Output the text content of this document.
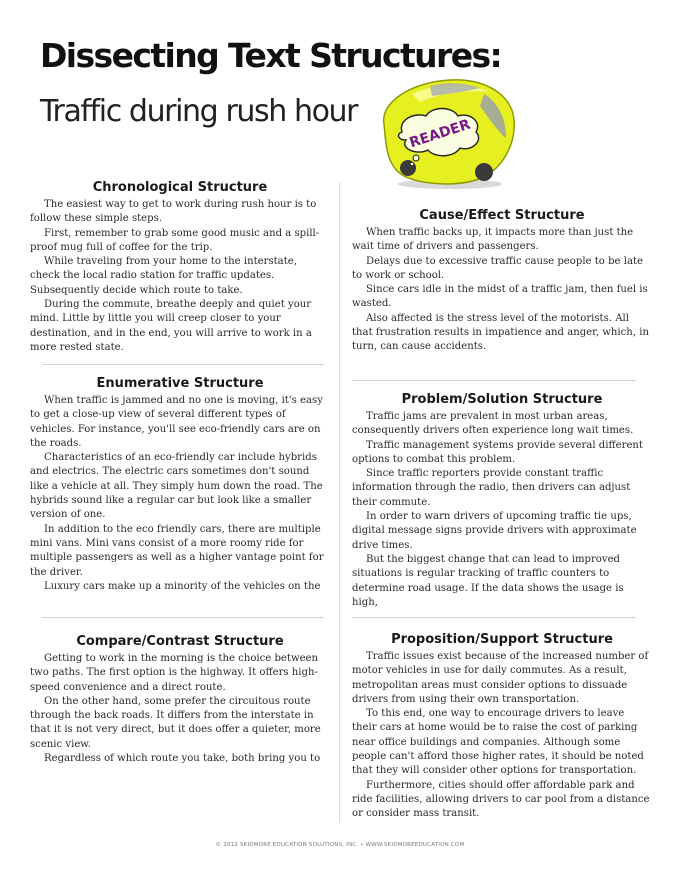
Dissecting Text Structures:
Traffic during rush hour
READER
Chronological Structure

The easiest way to get to work during rush hour is to follow these simple steps.

First, remember to grab some good music and a spill-proof mug full of coffee for the trip.

While traveling from your home to the interstate, check the local radio station for traffic updates. Subsequently decide which route to take.

During the commute, breathe deeply and quiet your mind. Little by little you will creep closer to your destination, and in the end, you will arrive to work in a more rested state.

Cause/Effect Structure

When traffic backs up, it impacts more than just the wait time of drivers and passengers.

Delays due to excessive traffic cause people to be late to work or school.

Since cars idle in the midst of a traffic jam, then fuel is wasted.

Also affected is the stress level of the motorists. All that frustration results in impatience and anger, which, in turn, can cause accidents.

Enumerative Structure

When traffic is jammed and no one is moving, it's easy to get a close-up view of several different types of vehicles. For instance, you'll see eco-friendly cars are on the roads.

Characteristics of an eco-friendly car include hybrids and electrics. The electric cars sometimes don't sound like a vehicle at all. They simply hum down the road. The hybrids sound like a regular car but look like a smaller version of one.

In addition to the eco friendly cars, there are multiple mini vans. Mini vans consist of a more roomy ride for multiple passengers as well as a higher vantage point for the driver.

Luxury cars make up a minority of the vehicles on the

Problem/Solution Structure

Traffic jams are prevalent in most urban areas, consequently drivers often experience long wait times.

Traffic management systems provide several different options to combat this problem.

Since traffic reporters provide constant traffic information through the radio, then drivers can adjust their commute.

In order to warn drivers of upcoming traffic tie ups, digital message signs provide drivers with approximate drive times.

But the biggest change that can lead to improved situations is regular tracking of traffic counters to determine road usage. If the data shows the usage is high,

Compare/Contrast Structure

Getting to work in the morning is the choice between two paths. The first option is the highway. It offers high-speed convenience and a direct route.

On the other hand, some prefer the circuitous route through the back roads. It differs from the interstate in that it is not very direct, but it does offer a quieter, more scenic view.

Regardless of which route you take, both bring you to

Proposition/Support Structure

Traffic issues exist because of the increased number of motor vehicles in use for daily commutes. As a result, metropolitan areas must consider options to dissuade drivers from using their own transportation.

To this end, one way to encourage drivers to leave their cars at home would be to raise the cost of parking near office buildings and companies. Although some people can't afford those higher rates, it should be noted that they will consider other options for transportation.

Furthermore, cities should offer affordable park and ride facilities, allowing drivers to car pool from a distance or consider mass transit.

© 2012 SKIDMORE EDUCATION SOLUTIONS, INC. • WWW.SKIDMOREEDUCATION.COM
